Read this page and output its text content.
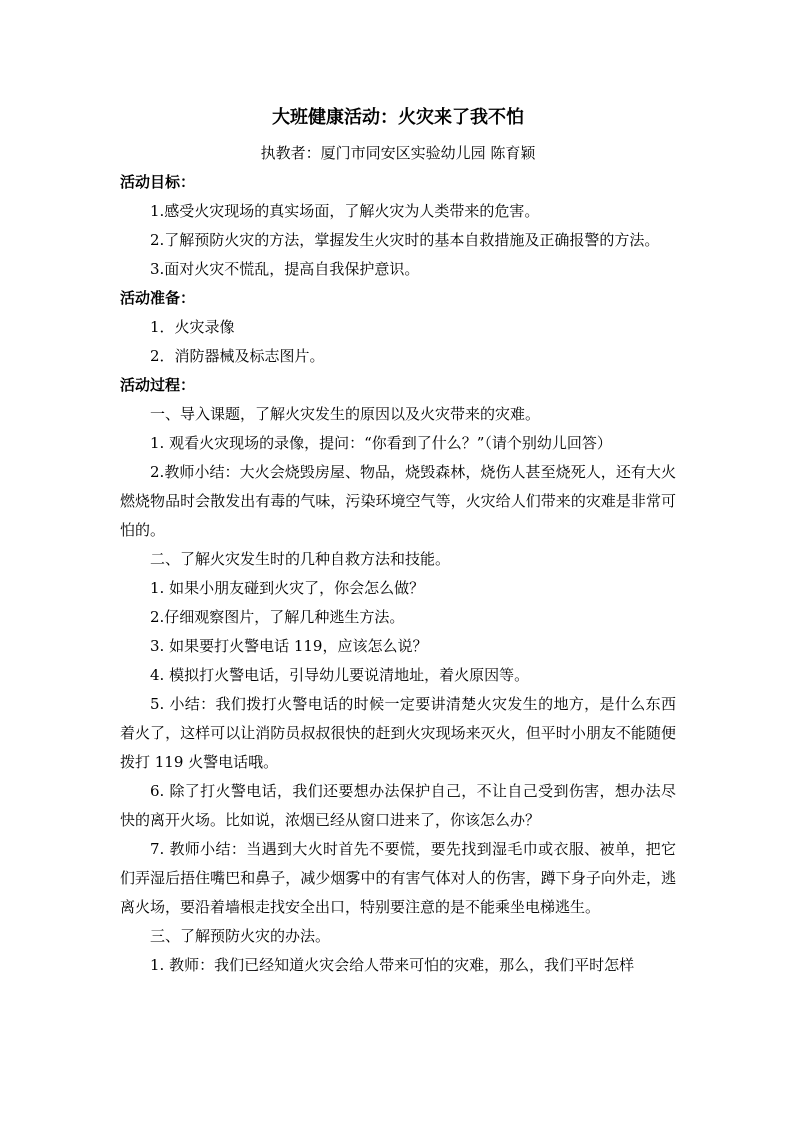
大班健康活动：火灾来了我不怕

执教者：厦门市同安区实验幼儿园 陈育颖

活动目标：

1.感受火灾现场的真实场面，了解火灾为人类带来的危害。

2.了解预防火灾的方法，掌握发生火灾时的基本自救措施及正确报警的方法。

3.面对火灾不慌乱，提高自我保护意识。

活动准备：

1．火灾录像

2．消防器械及标志图片。

活动过程：

一、导入课题，了解火灾发生的原因以及火灾带来的灾难。

1. 观看火灾现场的录像，提问：“你看到了什么？”（请个别幼儿回答）

2.教师小结：大火会烧毁房屋、物品，烧毁森林，烧伤人甚至烧死人，还有大火燃烧物品时会散发出有毒的气味，污染环境空气等，火灾给人们带来的灾难是非常可怕的。

二、了解火灾发生时的几种自救方法和技能。

1. 如果小朋友碰到火灾了，你会怎么做？

2.仔细观察图片，了解几种逃生方法。

3. 如果要打火警电话 119，应该怎么说？

4. 模拟打火警电话，引导幼儿要说清地址，着火原因等。

5. 小结：我们拨打火警电话的时候一定要讲清楚火灾发生的地方，是什么东西着火了，这样可以让消防员叔叔很快的赶到火灾现场来灭火，但平时小朋友不能随便拨打 119 火警电话哦。

6. 除了打火警电话，我们还要想办法保护自己，不让自己受到伤害，想办法尽快的离开火场。比如说，浓烟已经从窗口进来了，你该怎么办？

7. 教师小结：当遇到大火时首先不要慌，要先找到湿毛巾或衣服、被单，把它们弄湿后捂住嘴巴和鼻子，减少烟雾中的有害气体对人的伤害，蹲下身子向外走，逃离火场，要沿着墙根走找安全出口，特别要注意的是不能乘坐电梯逃生。

三、了解预防火灾的办法。

1. 教师：我们已经知道火灾会给人带来可怕的灾难，那么，我们平时怎样
